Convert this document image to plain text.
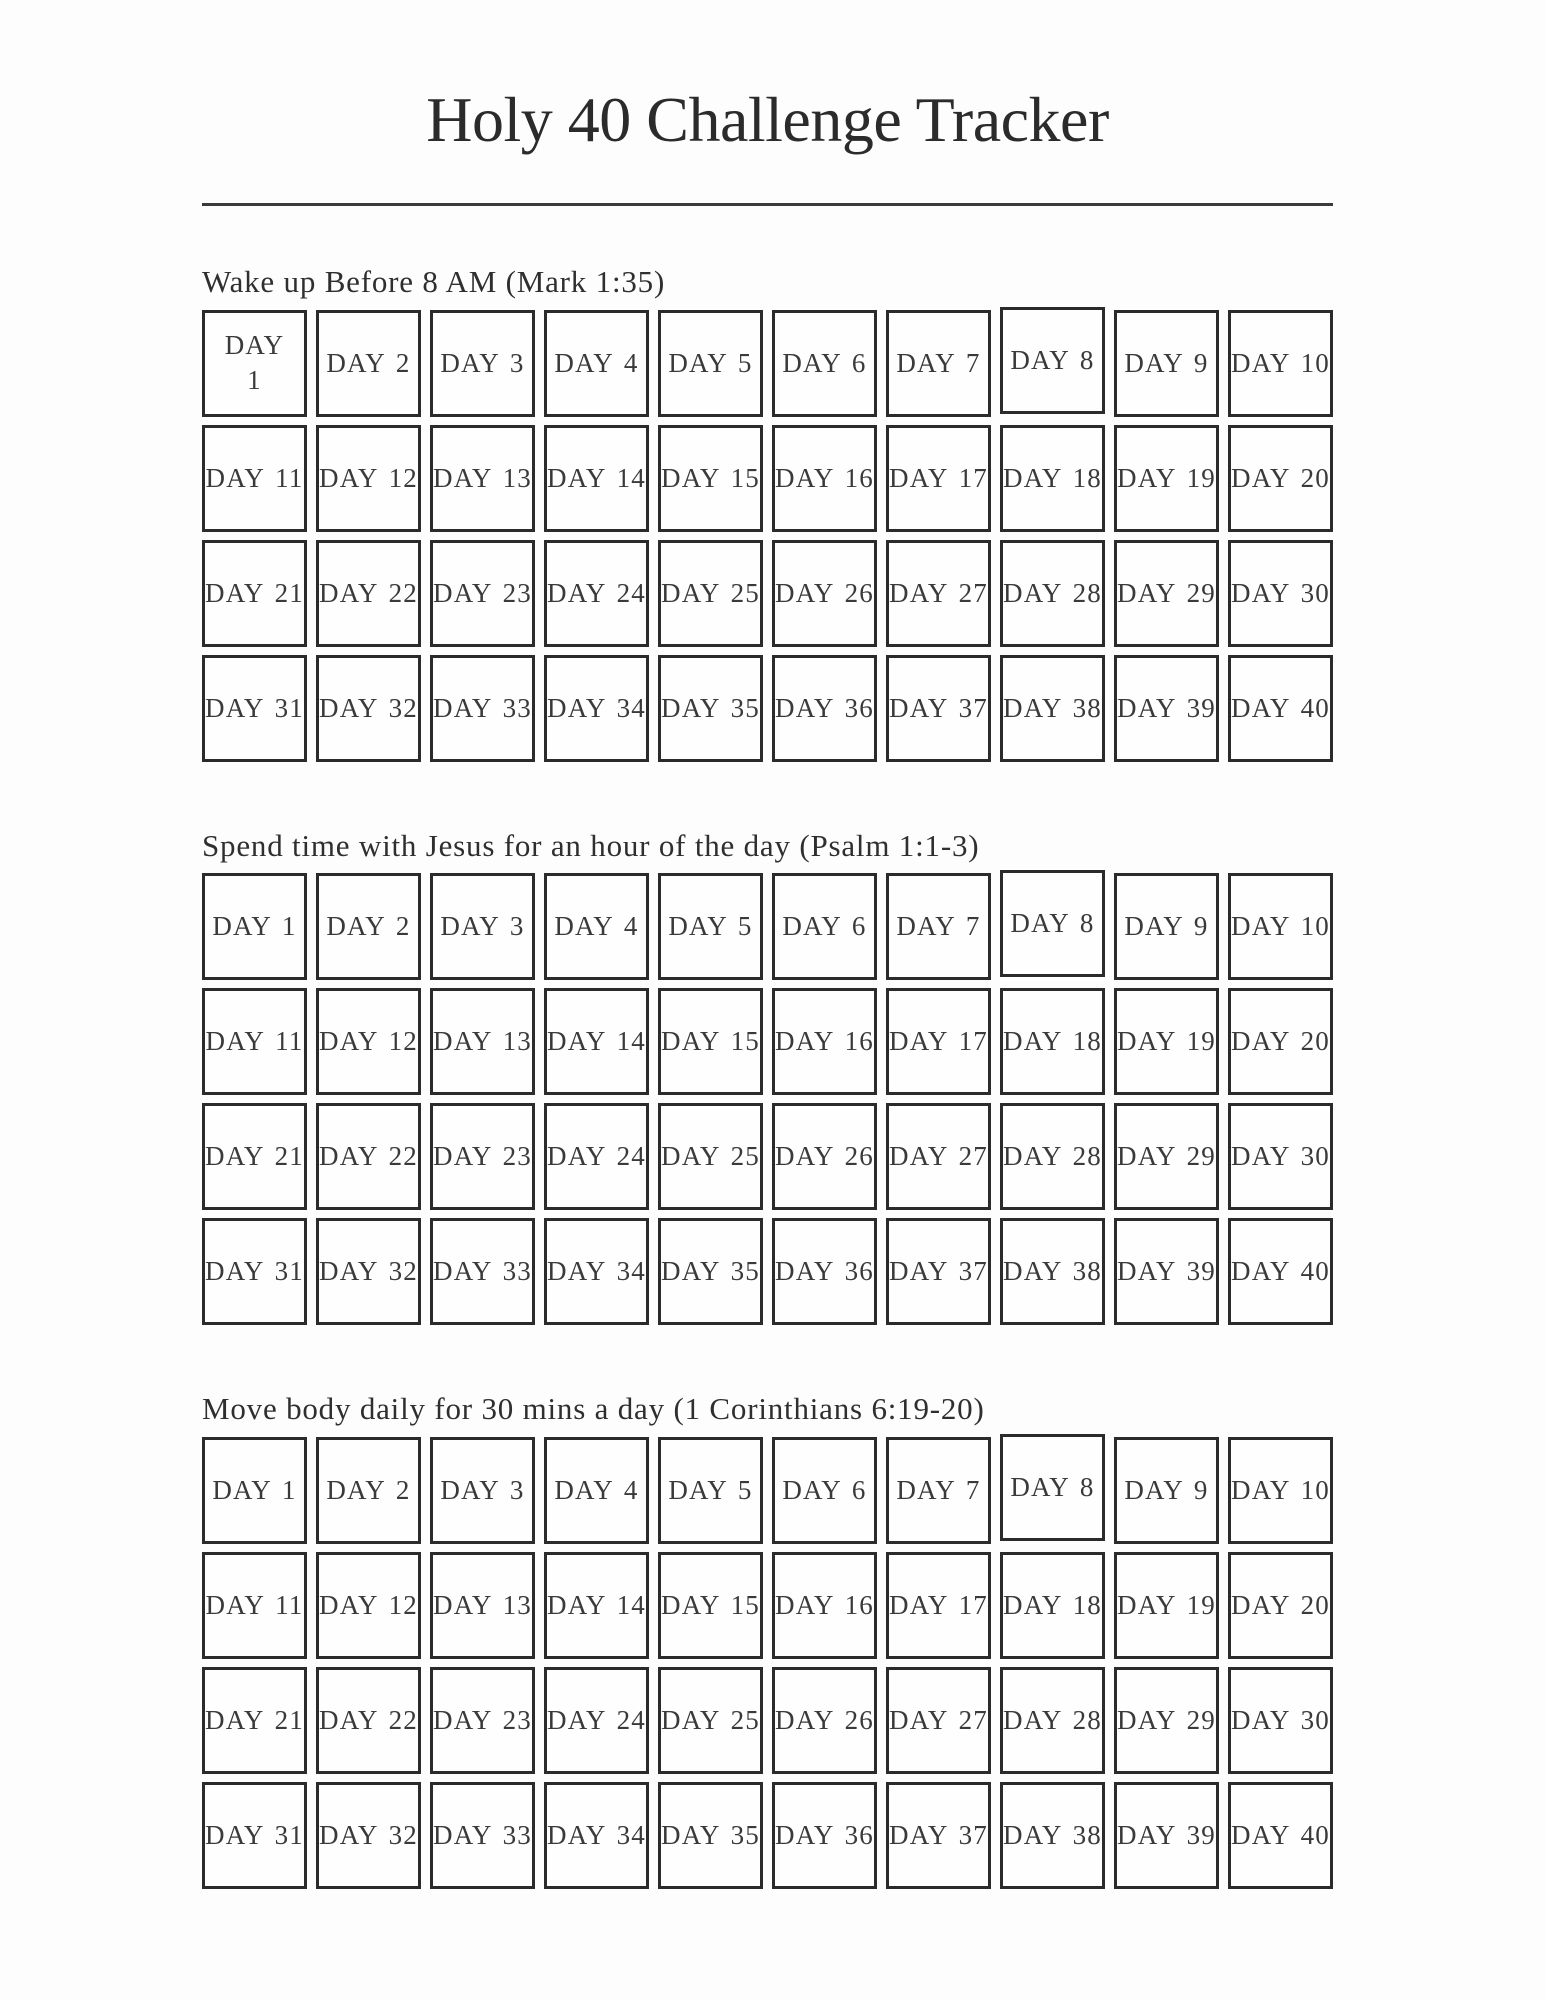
Holy 40 Challenge Tracker
Wake up Before 8 AM (Mark 1:35)
DAY 1
DAY 2 DAY 3 DAY 4 DAY 5 DAY 6 DAY 7 DAY 8 DAY 9 DAY 10
DAY 11 DAY 12 DAY 13 DAY 14 DAY 15 DAY 16 DAY 17 DAY 18 DAY 19 DAY 20
DAY 21 DAY 22 DAY 23 DAY 24 DAY 25 DAY 26 DAY 27 DAY 28 DAY 29 DAY 30
DAY 31 DAY 32 DAY 33 DAY 34 DAY 35 DAY 36 DAY 37 DAY 38 DAY 39 DAY 40
Spend time with Jesus for an hour of the day (Psalm 1:1-3)
DAY 1 DAY 2 DAY 3 DAY 4 DAY 5 DAY 6 DAY 7 DAY 8 DAY 9 DAY 10
DAY 11 DAY 12 DAY 13 DAY 14 DAY 15 DAY 16 DAY 17 DAY 18 DAY 19 DAY 20
DAY 21 DAY 22 DAY 23 DAY 24 DAY 25 DAY 26 DAY 27 DAY 28 DAY 29 DAY 30
DAY 31 DAY 32 DAY 33 DAY 34 DAY 35 DAY 36 DAY 37 DAY 38 DAY 39 DAY 40
Move body daily for 30 mins a day (1 Corinthians 6:19-20)
DAY 1 DAY 2 DAY 3 DAY 4 DAY 5 DAY 6 DAY 7 DAY 8 DAY 9 DAY 10
DAY 11 DAY 12 DAY 13 DAY 14 DAY 15 DAY 16 DAY 17 DAY 18 DAY 19 DAY 20
DAY 21 DAY 22 DAY 23 DAY 24 DAY 25 DAY 26 DAY 27 DAY 28 DAY 29 DAY 30
DAY 31 DAY 32 DAY 33 DAY 34 DAY 35 DAY 36 DAY 37 DAY 38 DAY 39 DAY 40
